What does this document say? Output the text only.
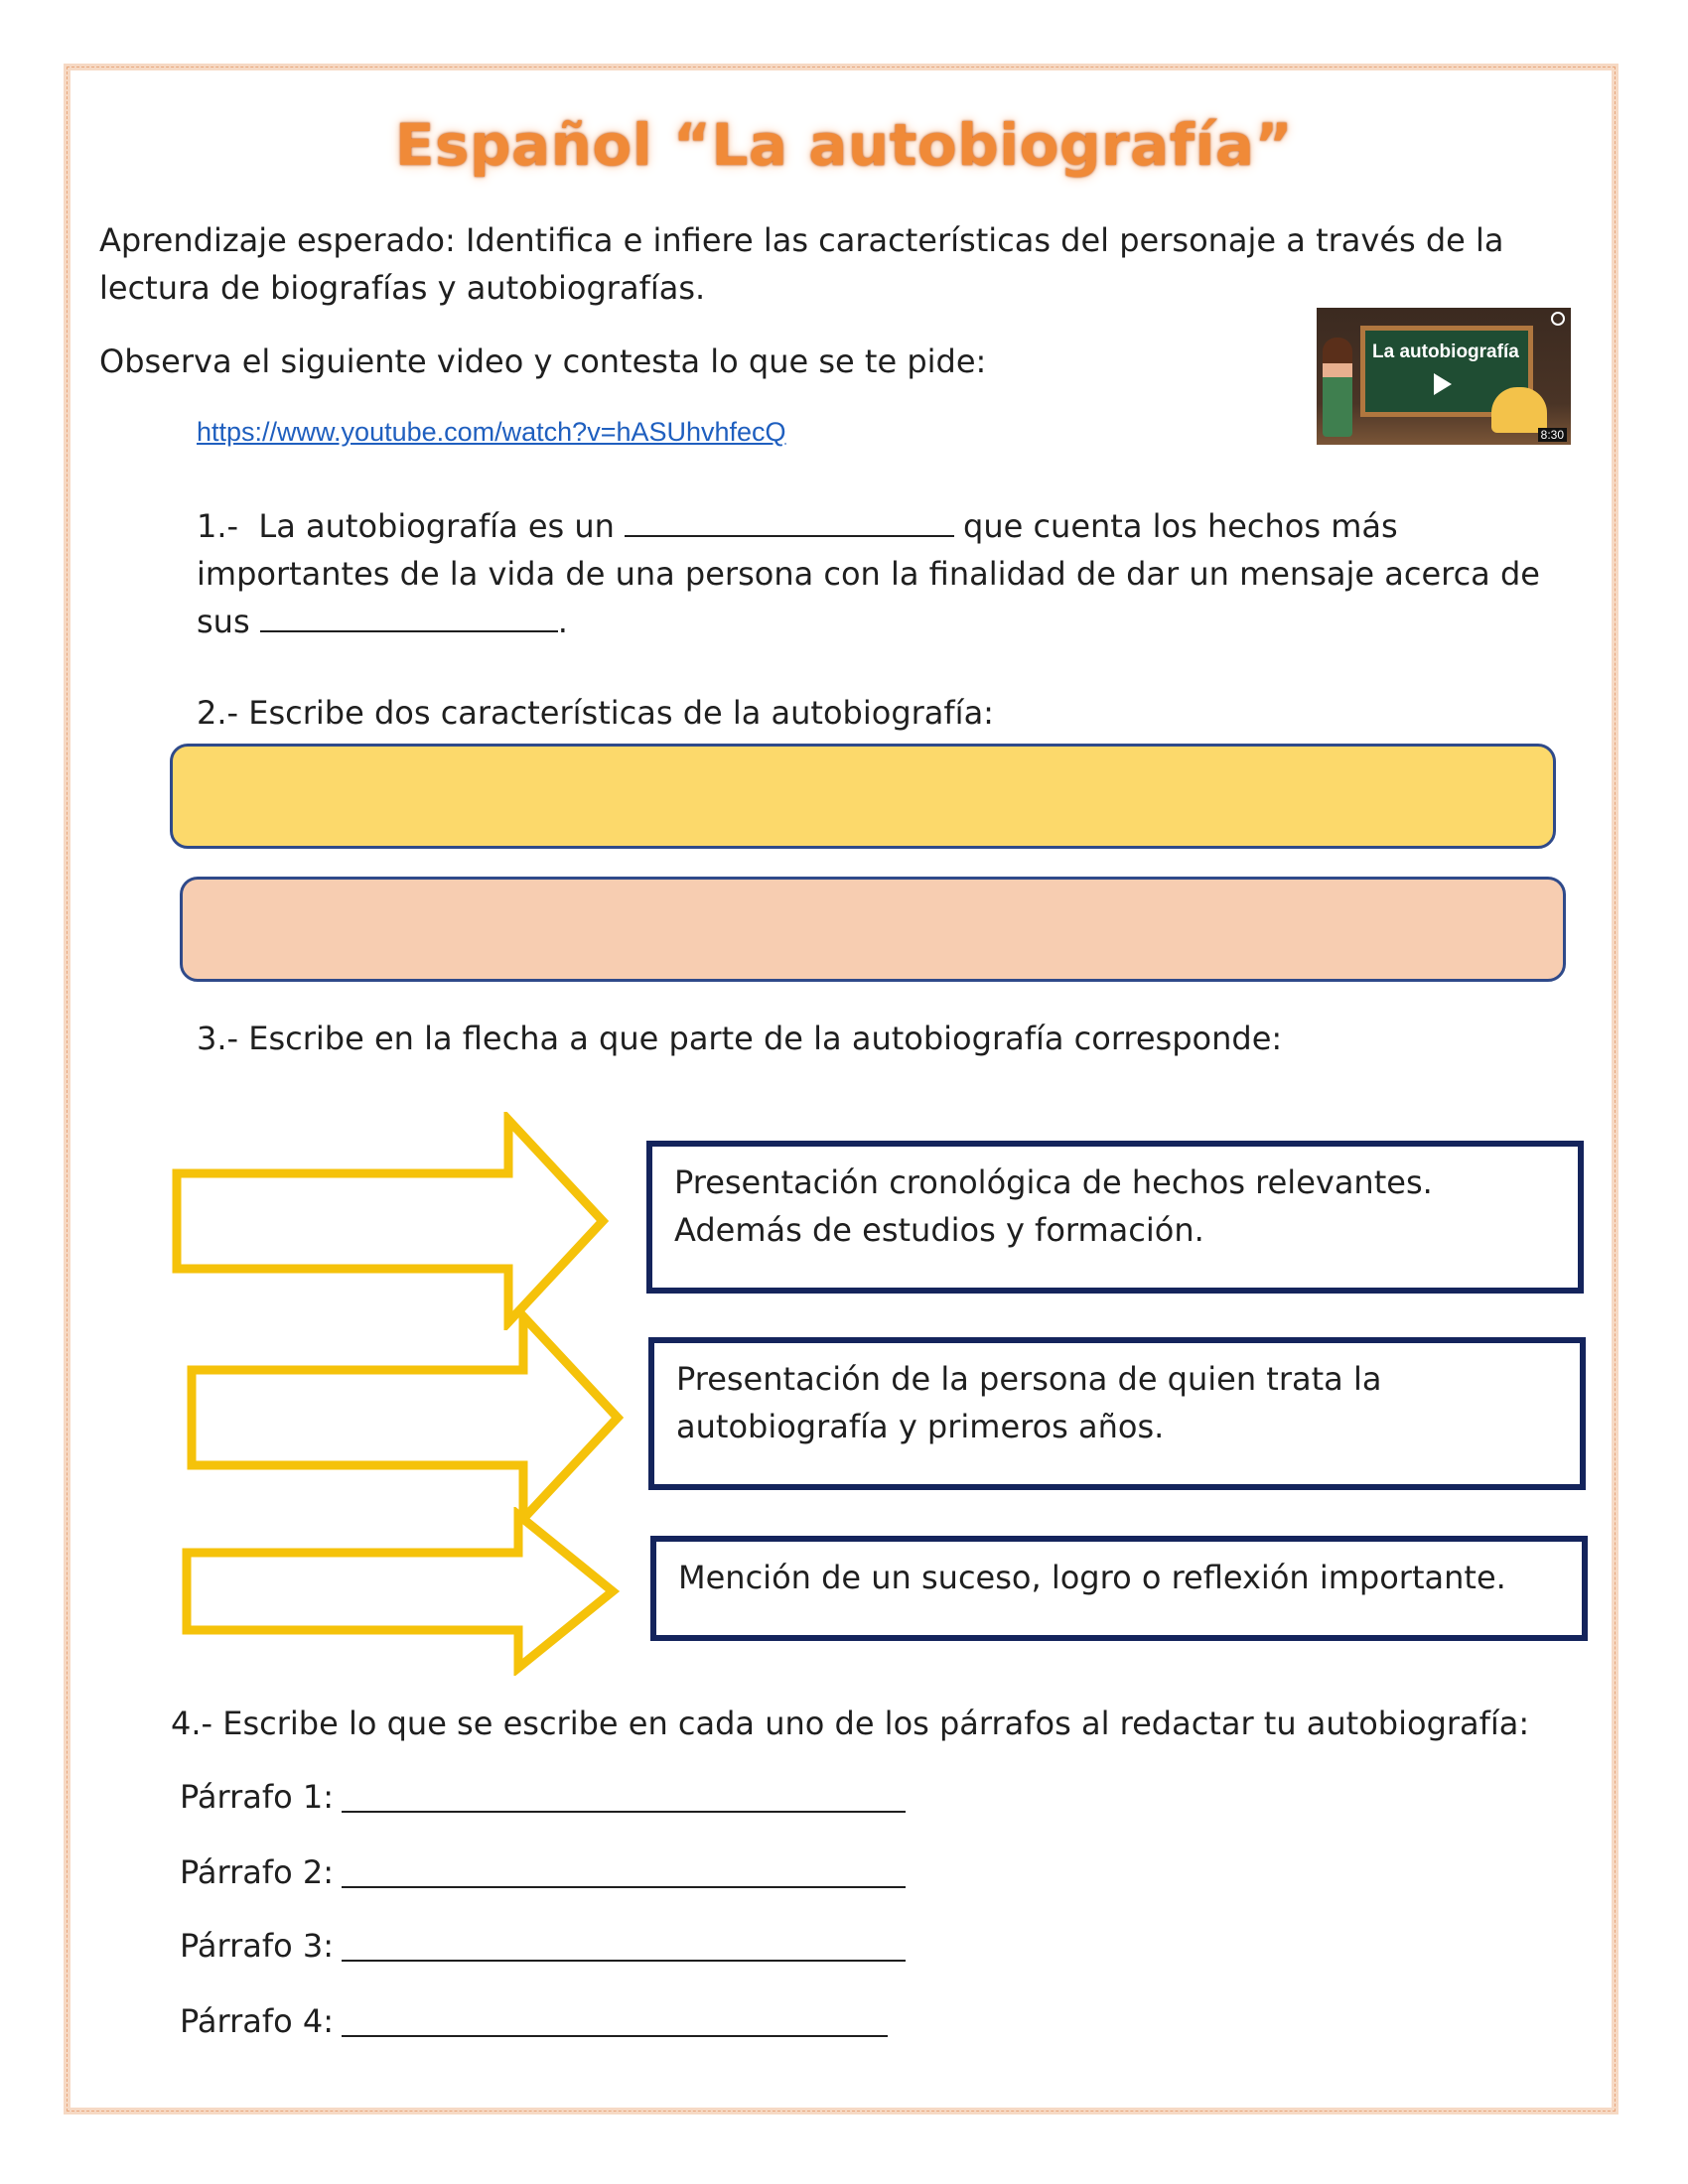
Español “La autobiografía”

Aprendizaje esperado: Identifica e infiere las características del personaje a través de la lectura de biografías y autobiografías.

Observa el siguiente video y contesta lo que se te pide:

https://www.youtube.com/watch?v=hASUhvhfecQ
La autobiografía
8:30
1.- La autobiografía es un	que cuenta los hechos más importantes de la vida de una persona con la finalidad de dar un mensaje acerca de

sus	.

2.- Escribe dos características de la autobiografía:

3.- Escribe en la flecha a que parte de la autobiografía corresponde:

Presentación cronológica de hechos relevantes. Además de estudios y formación.
Presentación de la persona de quien trata la autobiografía y primeros años.
Mención de un suceso, logro o reflexión importante.

4.- Escribe lo que se escribe en cada uno de los párrafos al redactar tu autobiografía:

Párrafo 1:
Párrafo 2:
Párrafo 3:
Párrafo 4:
